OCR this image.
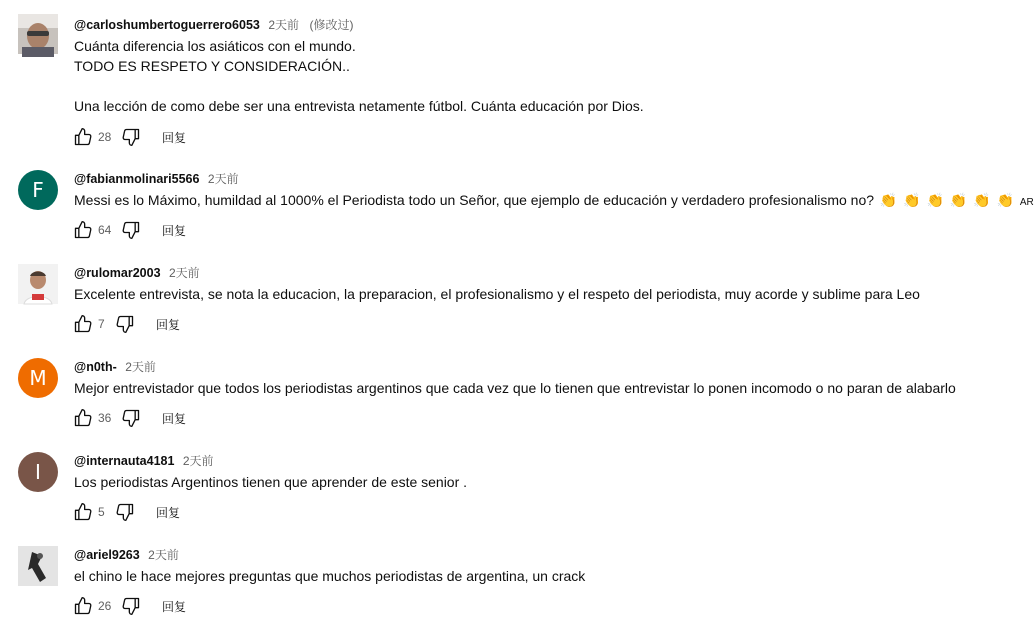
@carloshumbertoguerrero6053 2天前 (修改过)

Cuánta diferencia los asiáticos con el mundo.

TODO ES RESPETO Y CONSIDERACIÓN..

Una lección de como debe ser una entrevista netamente fútbol. Cuánta educación por Dios.

28	回复
F @fabianmolinari5566 2天前

Messi es lo Máximo, humildad al 1000% el Periodista todo un Señor, que ejemplo de educación y verdadero profesionalismo no? 👏 👏 👏 👏 👏 👏 AR

64	回复
@rulomar2003 2天前

Excelente entrevista, se nota la educacion, la preparacion, el profesionalismo y el respeto del periodista, muy acorde y sublime para Leo

7	回复
M @n0th- 2天前

Mejor entrevistador que todos los periodistas argentinos que cada vez que lo tienen que entrevistar lo ponen incomodo o no paran de alabarlo

36	回复
I	@internauta4181 2天前

Los periodistas Argentinos tienen que aprender de este senior .

5	回复
@ariel9263 2天前

el chino le hace mejores preguntas que muchos periodistas de argentina, un crack

26	回复
